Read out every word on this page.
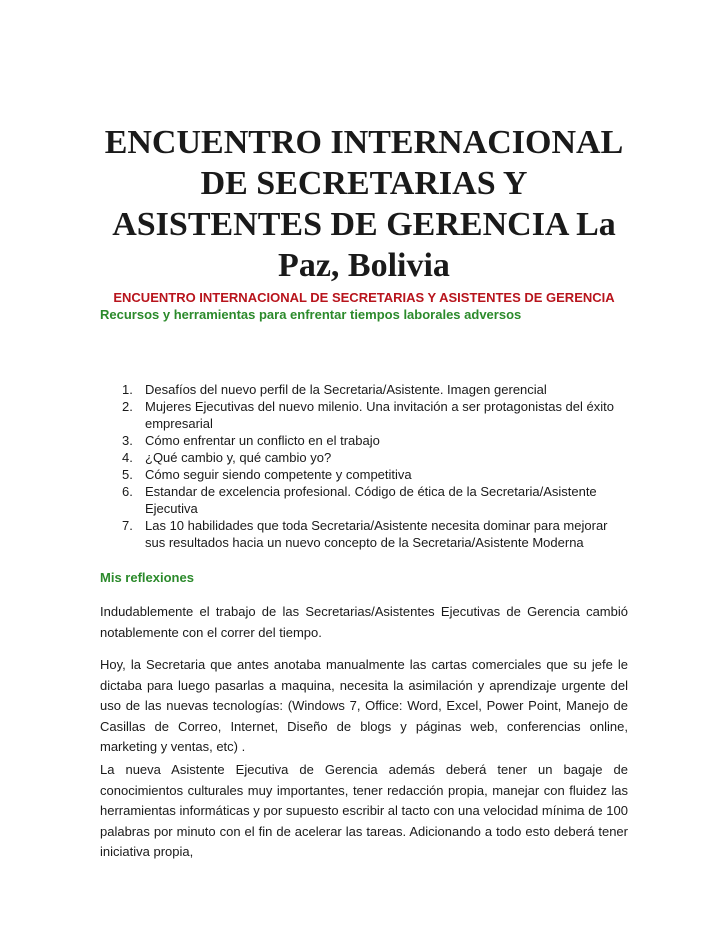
ENCUENTRO INTERNACIONAL DE SECRETARIAS Y ASISTENTES DE GERENCIA La Paz, Bolivia

ENCUENTRO INTERNACIONAL DE SECRETARIAS Y ASISTENTES DE GERENCIA

Recursos y herramientas para enfrentar tiempos laborales adversos

1. Desafíos del nuevo perfil de la Secretaria/Asistente. Imagen gerencial
2. Mujeres Ejecutivas del nuevo milenio. Una invitación a ser protagonistas del éxito empresarial
3. Cómo enfrentar un conflicto en el trabajo
4. ¿Qué cambio y, qué cambio yo?
5. Cómo seguir siendo competente y competitiva
6. Estandar de excelencia profesional. Código de ética de la Secretaria/Asistente Ejecutiva
7. Las 10 habilidades que toda Secretaria/Asistente necesita dominar para mejorar sus resultados hacia un nuevo concepto de la Secretaria/Asistente Moderna

Mis reflexiones

Indudablemente el trabajo de las Secretarias/Asistentes Ejecutivas de Gerencia cambió notablemente con el correr del tiempo.

Hoy, la Secretaria que antes anotaba manualmente las cartas comerciales que su jefe le dictaba para luego pasarlas a maquina, necesita la asimilación y aprendizaje urgente del uso de las nuevas tecnologías: (Windows 7, Office: Word, Excel, Power Point, Manejo de Casillas de Correo, Internet, Diseño de blogs y páginas web, conferencias online, marketing y ventas, etc) .

La nueva Asistente Ejecutiva de Gerencia además deberá tener un bagaje de conocimientos culturales muy importantes, tener redacción propia, manejar con fluidez las herramientas informáticas y por supuesto escribir al tacto con una velocidad mínima de 100 palabras por minuto con el fin de acelerar las tareas. Adicionando a todo esto deberá tener iniciativa propia,
